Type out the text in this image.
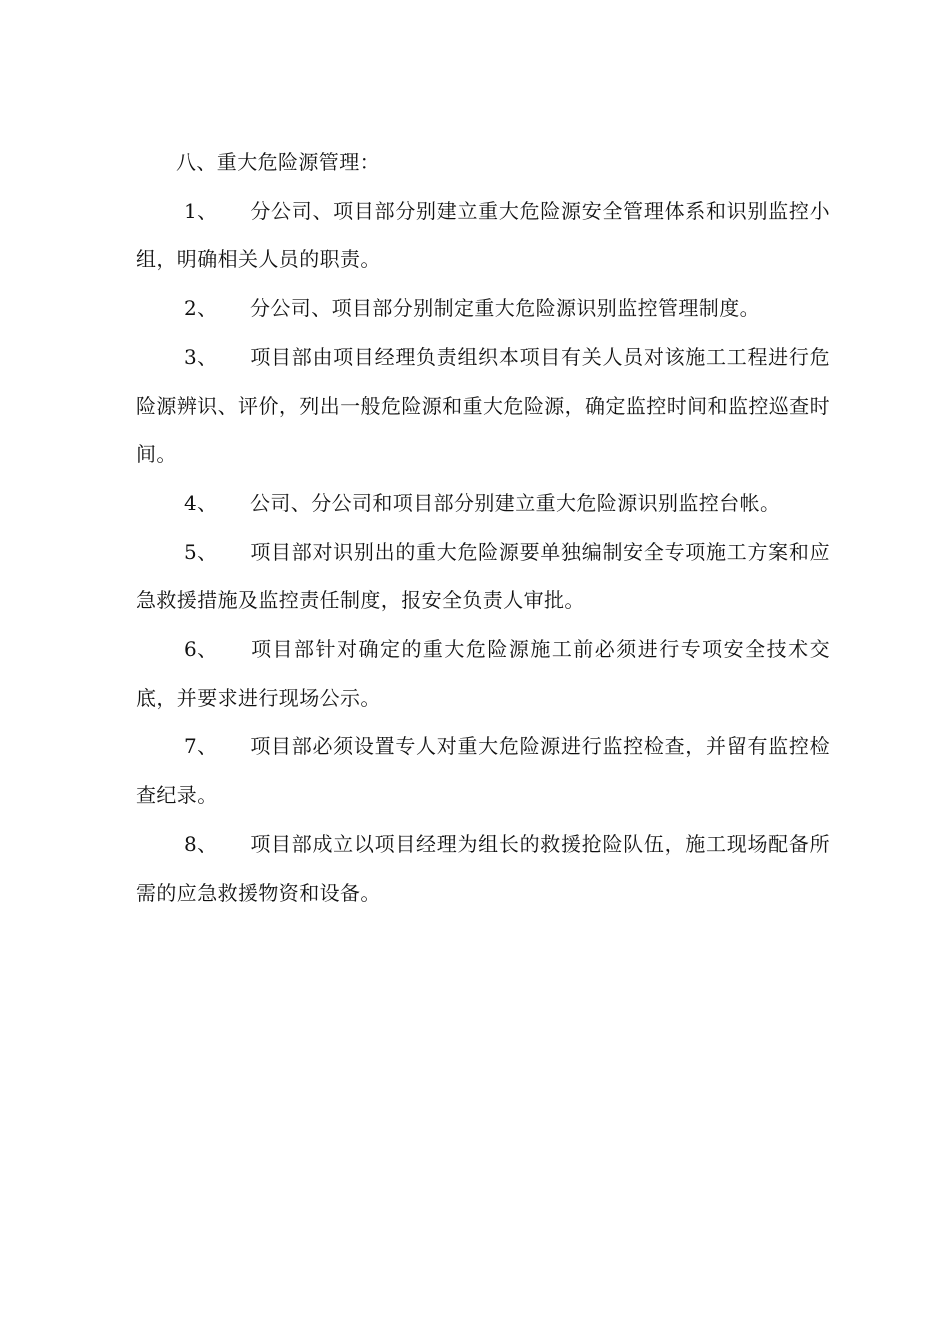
八、重大危险源管理：

1、 分公司、项目部分别建立重大危险源安全管理体系和识别监控小组，明确相关人员的职责。

2、 分公司、项目部分别制定重大危险源识别监控管理制度。

3、 项目部由项目经理负责组织本项目有关人员对该施工工程进行危险源辨识、评价，列出一般危险源和重大危险源，确定监控时间和监控巡查时间。

4、 公司、分公司和项目部分别建立重大危险源识别监控台帐。

5、 项目部对识别出的重大危险源要单独编制安全专项施工方案和应急救援措施及监控责任制度，报安全负责人审批。

6、 项目部针对确定的重大危险源施工前必须进行专项安全技术交底，并要求进行现场公示。

7、 项目部必须设置专人对重大危险源进行监控检查，并留有监控检查纪录。

8、 项目部成立以项目经理为组长的救援抢险队伍，施工现场配备所需的应急救援物资和设备。
